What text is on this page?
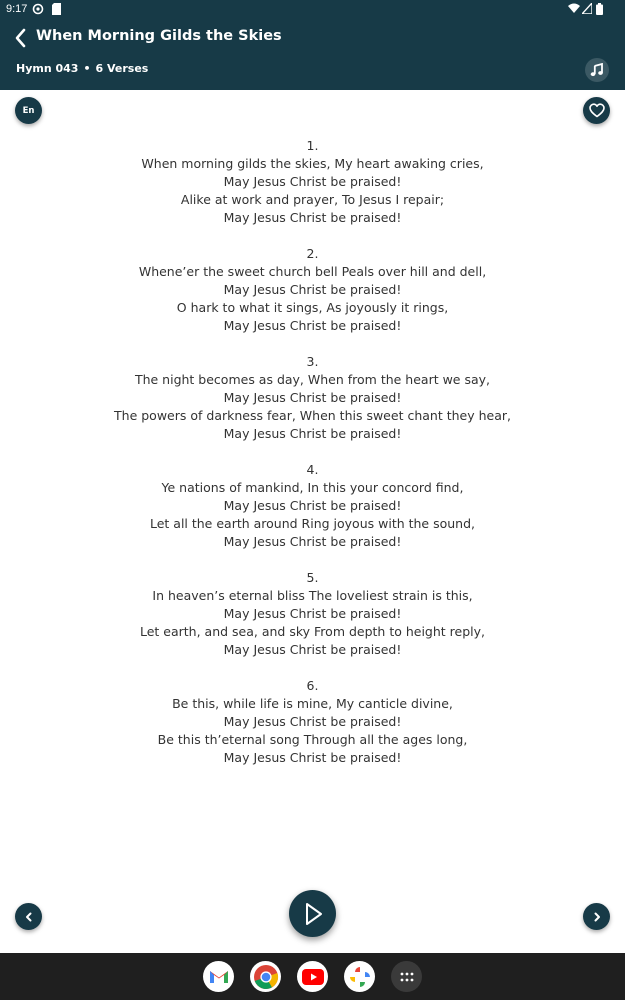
9:17
When Morning Gilds the Skies
Hymn 043 • 6 Verses
En
1.
When morning gilds the skies, My heart awaking cries,
May Jesus Christ be praised!
Alike at work and prayer, To Jesus I repair;
May Jesus Christ be praised!
2.
Whene’er the sweet church bell Peals over hill and dell,
May Jesus Christ be praised!
O hark to what it sings, As joyously it rings,
May Jesus Christ be praised!
3.
The night becomes as day, When from the heart we say,
May Jesus Christ be praised!
The powers of darkness fear, When this sweet chant they hear,
May Jesus Christ be praised!
4.
Ye nations of mankind, In this your concord find,
May Jesus Christ be praised!
Let all the earth around Ring joyous with the sound,
May Jesus Christ be praised!
5.
In heaven’s eternal bliss The loveliest strain is this,
May Jesus Christ be praised!
Let earth, and sea, and sky From depth to height reply,
May Jesus Christ be praised!
6.
Be this, while life is mine, My canticle divine,
May Jesus Christ be praised!
Be this th’eternal song Through all the ages long,
May Jesus Christ be praised!
